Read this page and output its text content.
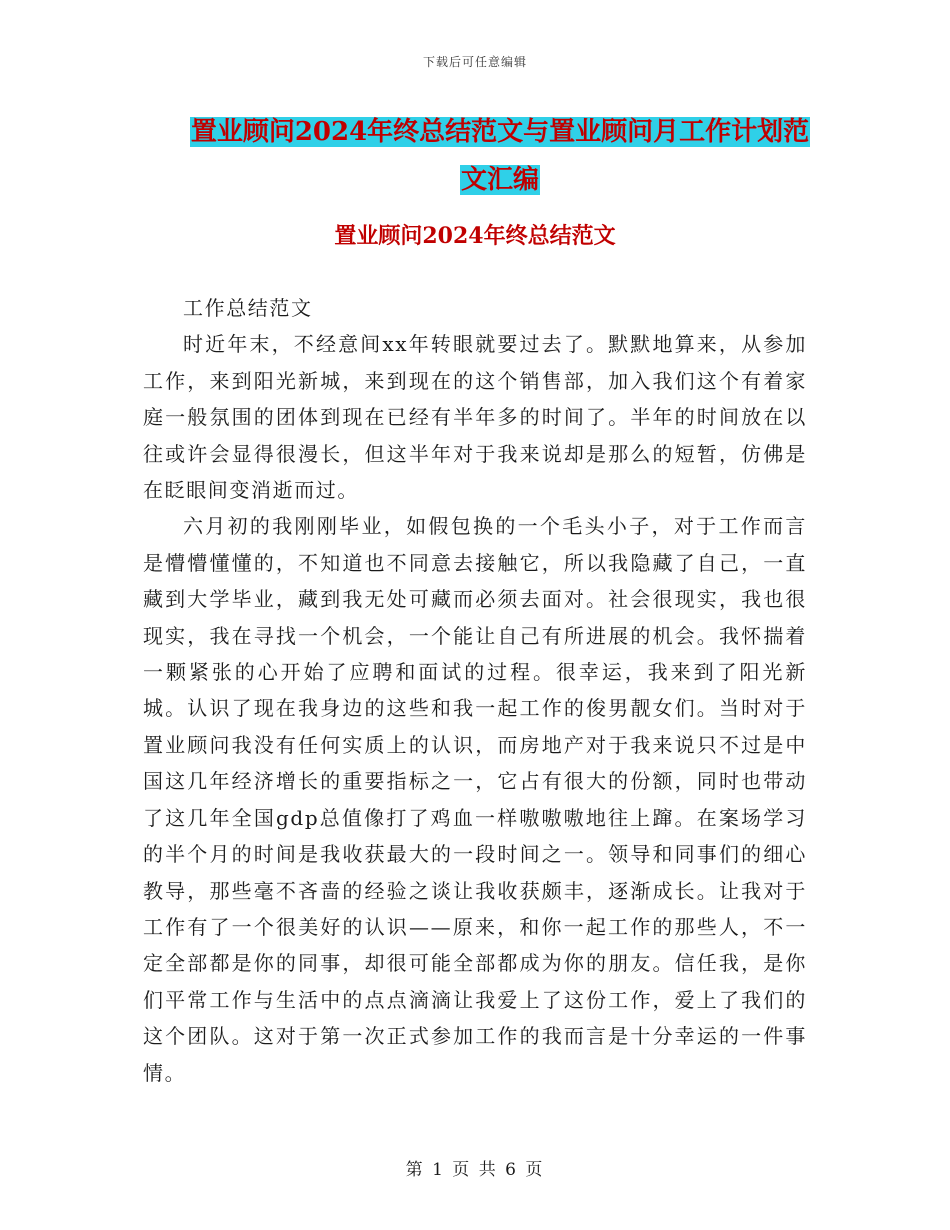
下载后可任意编辑
置业顾问2024年终总结范文与置业顾问月工作计划范
文汇编
置业顾问2024年终总结范文

工作总结范文

时近年末，不经意间xx年转眼就要过去了。默默地算来，从参加工作，来到阳光新城，来到现在的这个销售部，加入我们这个有着家庭一般氛围的团体到现在已经有半年多的时间了。半年的时间放在以往或许会显得很漫长，但这半年对于我来说却是那么的短暂，仿佛是在眨眼间变消逝而过。

六月初的我刚刚毕业，如假包换的一个毛头小子，对于工作而言是懵懵懂懂的，不知道也不同意去接触它，所以我隐藏了自己，一直藏到大学毕业，藏到我无处可藏而必须去面对。社会很现实，我也很现实，我在寻找一个机会，一个能让自己有所进展的机会。我怀揣着一颗紧张的心开始了应聘和面试的过程。很幸运，我来到了阳光新城。认识了现在我身边的这些和我一起工作的俊男靓女们。当时对于置业顾问我没有任何实质上的认识，而房地产对于我来说只不过是中国这几年经济增长的重要指标之一，它占有很大的份额，同时也带动了这几年全国gdp总值像打了鸡血一样嗷嗷嗷地往上蹿。在案场学习的半个月的时间是我收获最大的一段时间之一。领导和同事们的细心教导，那些毫不吝啬的经验之谈让我收获颇丰，逐渐成长。让我对于工作有了一个很美好的认识——原来，和你一起工作的那些人，不一定全部都是你的同事，却很可能全部都成为你的朋友。信任我，是你们平常工作与生活中的点点滴滴让我爱上了这份工作，爱上了我们的这个团队。这对于第一次正式参加工作的我而言是十分幸运的一件事情。

第 1 页 共 6 页
